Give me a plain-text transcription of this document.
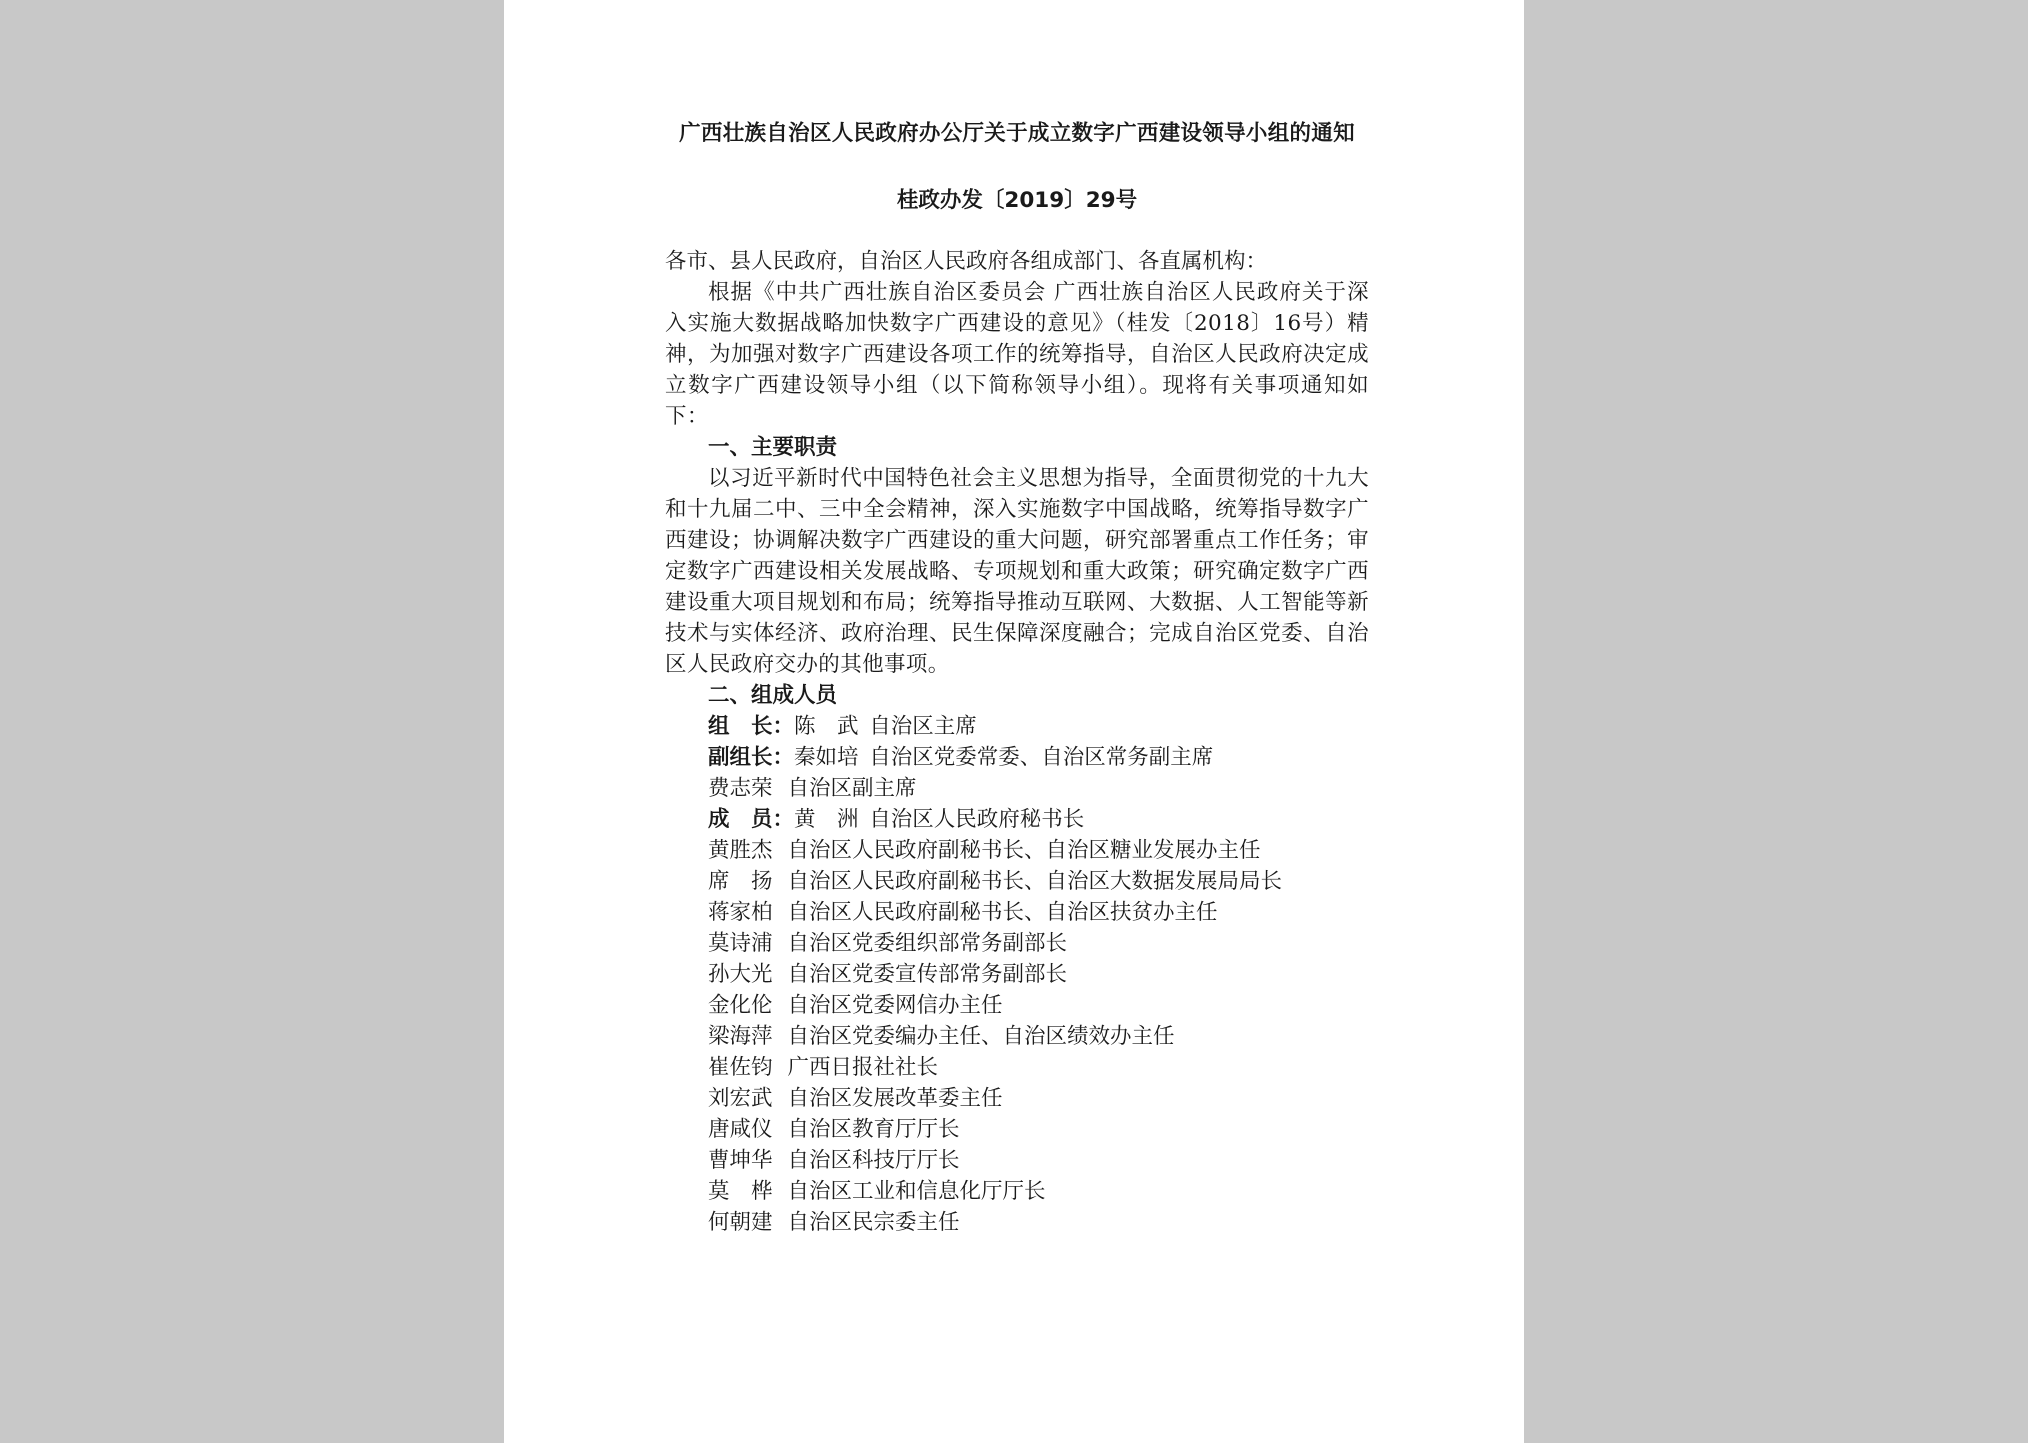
广西壮族自治区人民政府办公厅关于成立数字广西建设领导小组的通知
桂政办发〔2019〕29号
各市、县人民政府，自治区人民政府各组成部门、各直属机构：
根据《中共广西壮族自治区委员会 广西壮族自治区人民政府关于深入实施大数据战略加快数字广西建设的意见》（桂发〔2018〕16号）精神，为加强对数字广西建设各项工作的统筹指导，自治区人民政府决定成立数字广西建设领导小组（以下简称领导小组）。现将有关事项通知如下：
一、主要职责
以习近平新时代中国特色社会主义思想为指导，全面贯彻党的十九大和十九届二中、三中全会精神，深入实施数字中国战略，统筹指导数字广西建设；协调解决数字广西建设的重大问题，研究部署重点工作任务；审定数字广西建设相关发展战略、专项规划和重大政策；研究确定数字广西建设重大项目规划和布局；统筹指导推动互联网、大数据、人工智能等新技术与实体经济、政府治理、民生保障深度融合；完成自治区党委、自治区人民政府交办的其他事项。
二、组成人员
组　长：陈　武  自治区主席
副组长：秦如培  自治区党委常委、自治区常务副主席
费志荣  自治区副主席
成　员：黄　洲  自治区人民政府秘书长
黄胜杰  自治区人民政府副秘书长、自治区糖业发展办主任
席　扬  自治区人民政府副秘书长、自治区大数据发展局局长
蒋家柏  自治区人民政府副秘书长、自治区扶贫办主任
莫诗浦  自治区党委组织部常务副部长
孙大光  自治区党委宣传部常务副部长
金化伦  自治区党委网信办主任
梁海萍  自治区党委编办主任、自治区绩效办主任
崔佐钧  广西日报社社长
刘宏武  自治区发展改革委主任
唐咸仪  自治区教育厅厅长
曹坤华  自治区科技厅厅长
莫　桦  自治区工业和信息化厅厅长
何朝建  自治区民宗委主任
